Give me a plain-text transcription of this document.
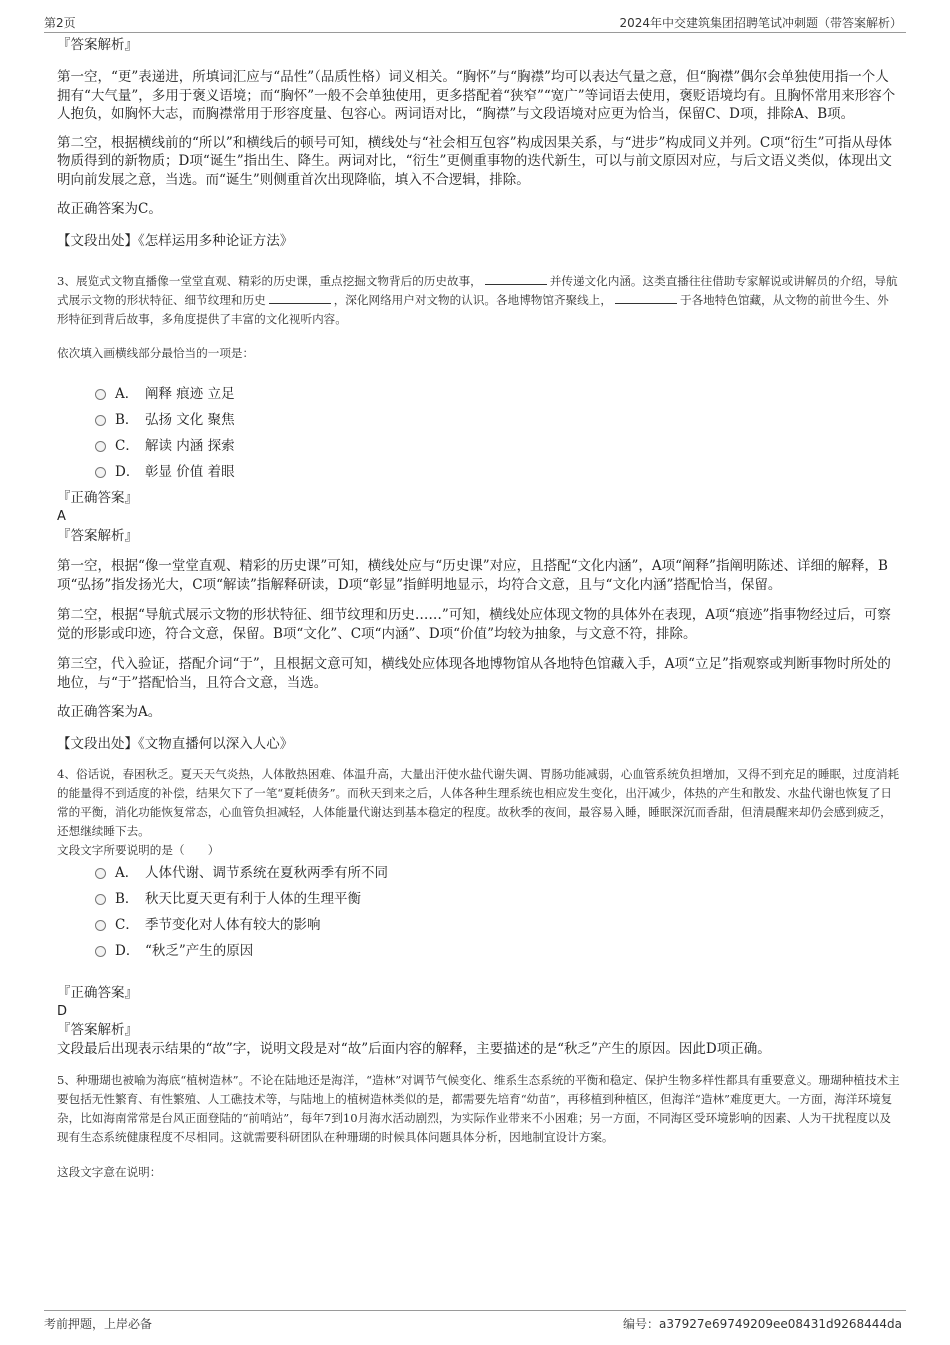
第2页	2024年中交建筑集团招聘笔试冲刺题（带答案解析）
『答案解析』

第一空，“更”表递进，所填词汇应与“品性”（品质性格）词义相关。“胸怀”与“胸襟”均可以表达气量之意，但“胸襟”偶尔会单独使用指一个人拥有“大气量”，多用于褒义语境；而“胸怀”一般不会单独使用，更多搭配着“狭窄”“宽广”等词语去使用，褒贬语境均有。且胸怀常用来形容个人抱负，如胸怀大志，而胸襟常用于形容度量、包容心。两词语对比，“胸襟”与文段语境对应更为恰当，保留C、D项，排除A、B项。

第二空，根据横线前的“所以”和横线后的顿号可知，横线处与“社会相互包容”构成因果关系，与“进步”构成同义并列。C项“衍生”可指从母体物质得到的新物质；D项“诞生”指出生、降生。两词对比，“衍生”更侧重事物的迭代新生，可以与前文原因对应，与后文语义类似，体现出文明向前发展之意，当选。而“诞生”则侧重首次出现降临，填入不合逻辑，排除。

故正确答案为C。

【文段出处】《怎样运用多种论证方法》

3、展览式文物直播像一堂堂直观、精彩的历史课，重点挖掘文物背后的历史故事，	并传递文化内涵。这类直播往往借助专家解说或讲解员的介绍，导航式展示文物的形状特征、细节纹理和历史	，深化网络用户对文物的认识。各地博物馆齐聚线上，	于各地特色馆藏，从文物的前世今生、外形特征到背后故事，多角度提供了丰富的文化视听内容。

依次填入画横线部分最恰当的一项是：

A． 阐释 痕迹 立足
B． 弘扬 文化 聚焦
C． 解读 内涵 探索
D． 彰显 价值 着眼
『正确答案』
A
『答案解析』

第一空，根据“像一堂堂直观、精彩的历史课”可知，横线处应与“历史课”对应，且搭配“文化内涵”，A项“阐释”指阐明陈述、详细的解释，B项“弘扬”指发扬光大，C项“解读”指解释研读，D项“彰显”指鲜明地显示，均符合文意，且与“文化内涵”搭配恰当，保留。

第二空，根据“导航式展示文物的形状特征、细节纹理和历史……”可知，横线处应体现文物的具体外在表现，A项“痕迹”指事物经过后，可察觉的形影或印迹，符合文意，保留。B项“文化”、C项“内涵”、D项“价值”均较为抽象，与文意不符，排除。

第三空，代入验证，搭配介词“于”，且根据文意可知，横线处应体现各地博物馆从各地特色馆藏入手，A项“立足”指观察或判断事物时所处的地位，与“于”搭配恰当，且符合文意，当选。

故正确答案为A。

【文段出处】《文物直播何以深入人心》

4、俗话说，春困秋乏。夏天天气炎热，人体散热困难、体温升高，大量出汗使水盐代谢失调、胃肠功能减弱，心血管系统负担增加，又得不到充足的睡眠，过度消耗的能量得不到适度的补偿，结果欠下了一笔“夏耗债务”。而秋天到来之后，人体各种生理系统也相应发生变化，出汗减少，体热的产生和散发、水盐代谢也恢复了日常的平衡，消化功能恢复常态，心血管负担减轻，人体能量代谢达到基本稳定的程度。故秋季的夜间，最容易入睡，睡眠深沉而香甜，但清晨醒来却仍会感到疲乏，还想继续睡下去。

文段文字所要说明的是（　　）

A． 人体代谢、调节系统在夏秋两季有所不同
B． 秋天比夏天更有利于人体的生理平衡
C． 季节变化对人体有较大的影响
D． “秋乏”产生的原因
『正确答案』
D
『答案解析』

文段最后出现表示结果的“故”字，说明文段是对“故”后面内容的解释，主要描述的是“秋乏”产生的原因。因此D项正确。

5、种珊瑚也被喻为海底“植树造林”。不论在陆地还是海洋，“造林”对调节气候变化、维系生态系统的平衡和稳定、保护生物多样性都具有重要意义。珊瑚种植技术主要包括无性繁育、有性繁殖、人工礁技术等，与陆地上的植树造林类似的是，都需要先培育“幼苗”，再移植到种植区，但海洋“造林”难度更大。一方面，海洋环境复杂，比如海南常常是台风正面登陆的“前哨站”，每年7到10月海水活动剧烈，为实际作业带来不小困难；另一方面，不同海区受环境影响的因素、人为干扰程度以及现有生态系统健康程度不尽相同。这就需要科研团队在种珊瑚的时候具体问题具体分析，因地制宜设计方案。

这段文字意在说明：

考前押题，上岸必备	编号：a37927e69749209ee08431d9268444da
